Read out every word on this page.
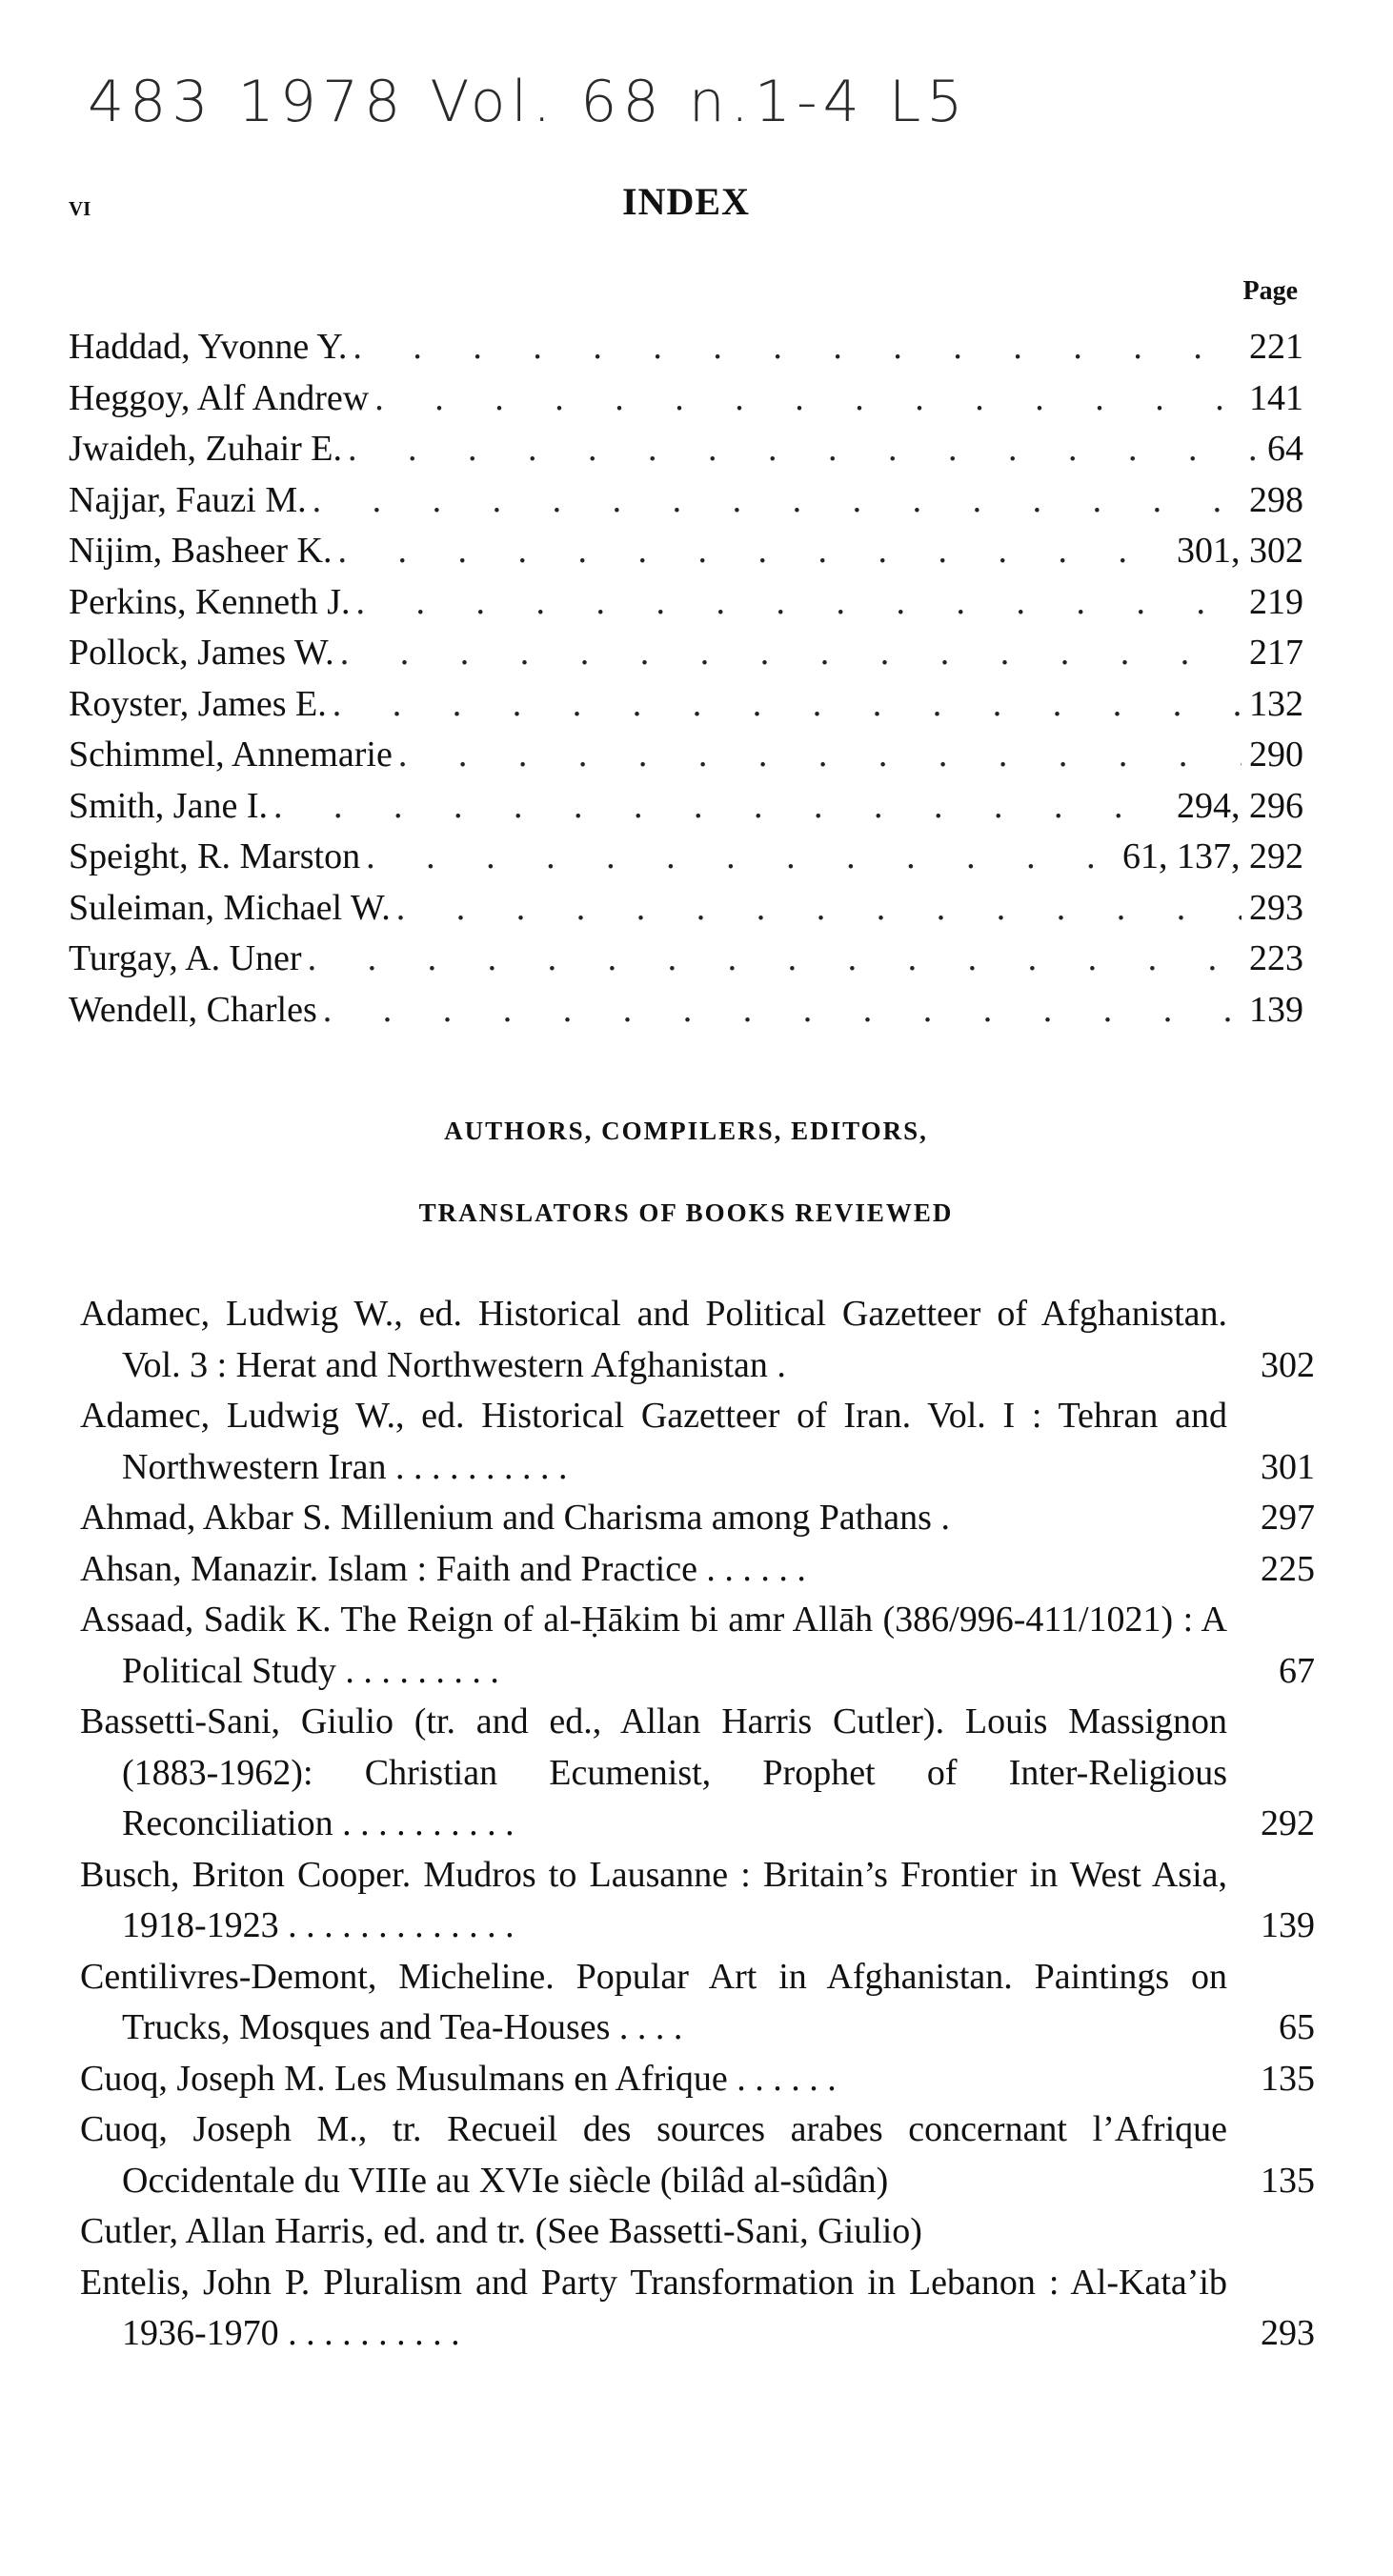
483 1978 Vol. 68 n.1-4 L5
vi	INDEX
Page
Haddad, Yvonne Y. . . .	221
Heggoy, Alf Andrew . . .	141
Jwaideh, Zuhair E. . . .	64
Najjar, Fauzi M. . . .	298
Nijim, Basheer K. . . .	301, 302
Perkins, Kenneth J. . . .	219
Pollock, James W. . . .	217
Royster, James E. . . .	132
Schimmel, Annemarie . . .	290
Smith, Jane I. . . .	294, 296
Speight, R. Marston . . .	61, 137, 292
Suleiman, Michael W. . . .	293
Turgay, A. Uner . . .	223
Wendell, Charles . . .	139
AUTHORS, COMPILERS, EDITORS,
TRANSLATORS OF BOOKS REVIEWED
Adamec, Ludwig W., ed. Historical and Political Gazetteer of Afghanistan. Vol. 3 : Herat and Northwestern Afghanistan .	302
Adamec, Ludwig W., ed. Historical Gazetteer of Iran. Vol. I : Tehran and Northwestern Iran . . . . . . . . . .	301
Ahmad, Akbar S. Millenium and Charisma among Pathans .	297
Ahsan, Manazir. Islam : Faith and Practice . . . . . .	225
Assaad, Sadik K. The Reign of al-Ḥākim bi amr Allāh (386/996-411/1021) : A Political Study . . . . . . . . .	67
Bassetti-Sani, Giulio (tr. and ed., Allan Harris Cutler). Louis Massignon (1883-1962): Christian Ecumenist, Prophet of Inter-Religious Reconciliation . . . . . . . . . .	292
Busch, Briton Cooper. Mudros to Lausanne : Britain’s Frontier in West Asia, 1918-1923 . . . . . . . . . . . . .	139
Centilivres-Demont, Micheline. Popular Art in Afghanistan. Paintings on Trucks, Mosques and Tea-Houses . . . .	65
Cuoq, Joseph M. Les Musulmans en Afrique . . . . . .	135
Cuoq, Joseph M., tr. Recueil des sources arabes concernant l’Afrique Occidentale du VIIIe au XVIe siècle (bilâd al-sûdân)	135
Cutler, Allan Harris, ed. and tr. (See Bassetti-Sani, Giulio)
Entelis, John P. Pluralism and Party Transformation in Lebanon : Al-Kata’ib 1936-1970 . . . . . . . . . .	293
